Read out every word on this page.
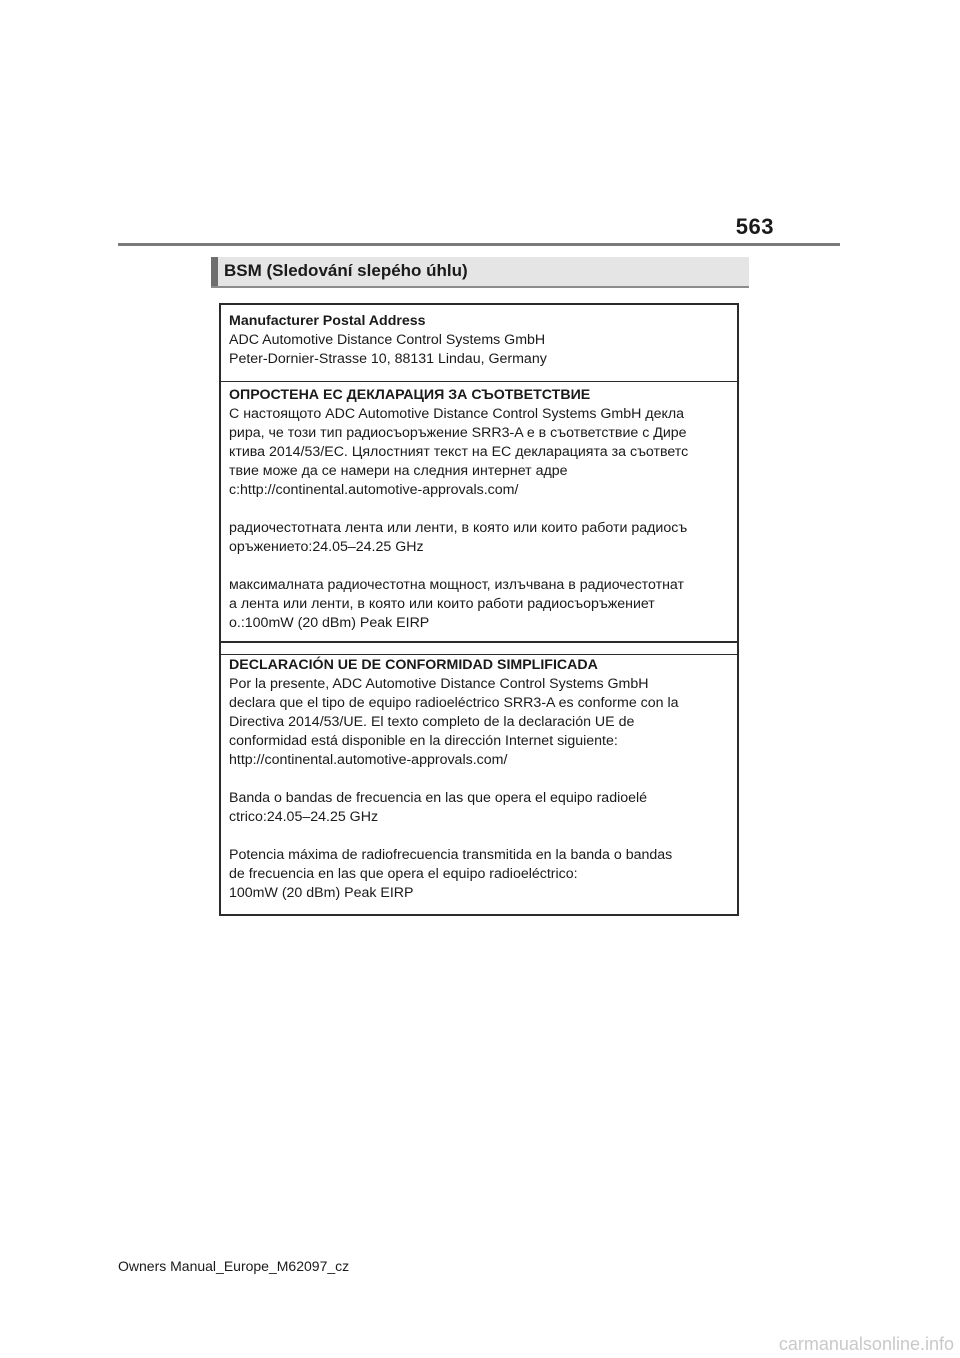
563
BSM (Sledování slepého úhlu)
Manufacturer Postal Address
ADC Automotive Distance Control Systems GmbH
Peter-Dornier-Strasse 10, 88131 Lindau, Germany
ОПРОСТЕНА ЕС ДЕКЛАРАЦИЯ ЗА СЪОТВЕТСТВИЕ
С настоящото ADC Automotive Distance Control Systems GmbH декла
рира, че този тип радиосъоръжение SRR3-A е в съответствие с Дире
ктива 2014/53/ЕС. Цялостният текст на ЕС декларацията за съответс
твие може да се намери на следния интернет адре
с:http://continental.automotive-approvals.com/
радиочестотната лента или ленти, в която или които работи радиосъ
оръжението:24.05–24.25 GHz
максималната радиочестотна мощност, излъчвана в радиочестотнат
а лента или ленти, в която или които работи радиосъоръжениет
о.:100mW (20 dBm) Peak EIRP
DECLARACIÓN UE DE CONFORMIDAD SIMPLIFICADA
Por la presente, ADC Automotive Distance Control Systems GmbH
declara que el tipo de equipo radioeléctrico SRR3-A es conforme con la
Directiva 2014/53/UE. El texto completo de la declaración UE de
conformidad está disponible en la dirección Internet siguiente:
http://continental.automotive-approvals.com/
Banda o bandas de frecuencia en las que opera el equipo radioelé
ctrico:24.05–24.25 GHz
Potencia máxima de radiofrecuencia transmitida en la banda o bandas
de frecuencia en las que opera el equipo radioeléctrico:
100mW (20 dBm) Peak EIRP
Owners Manual_Europe_M62097_cz
carmanualsonline.info
